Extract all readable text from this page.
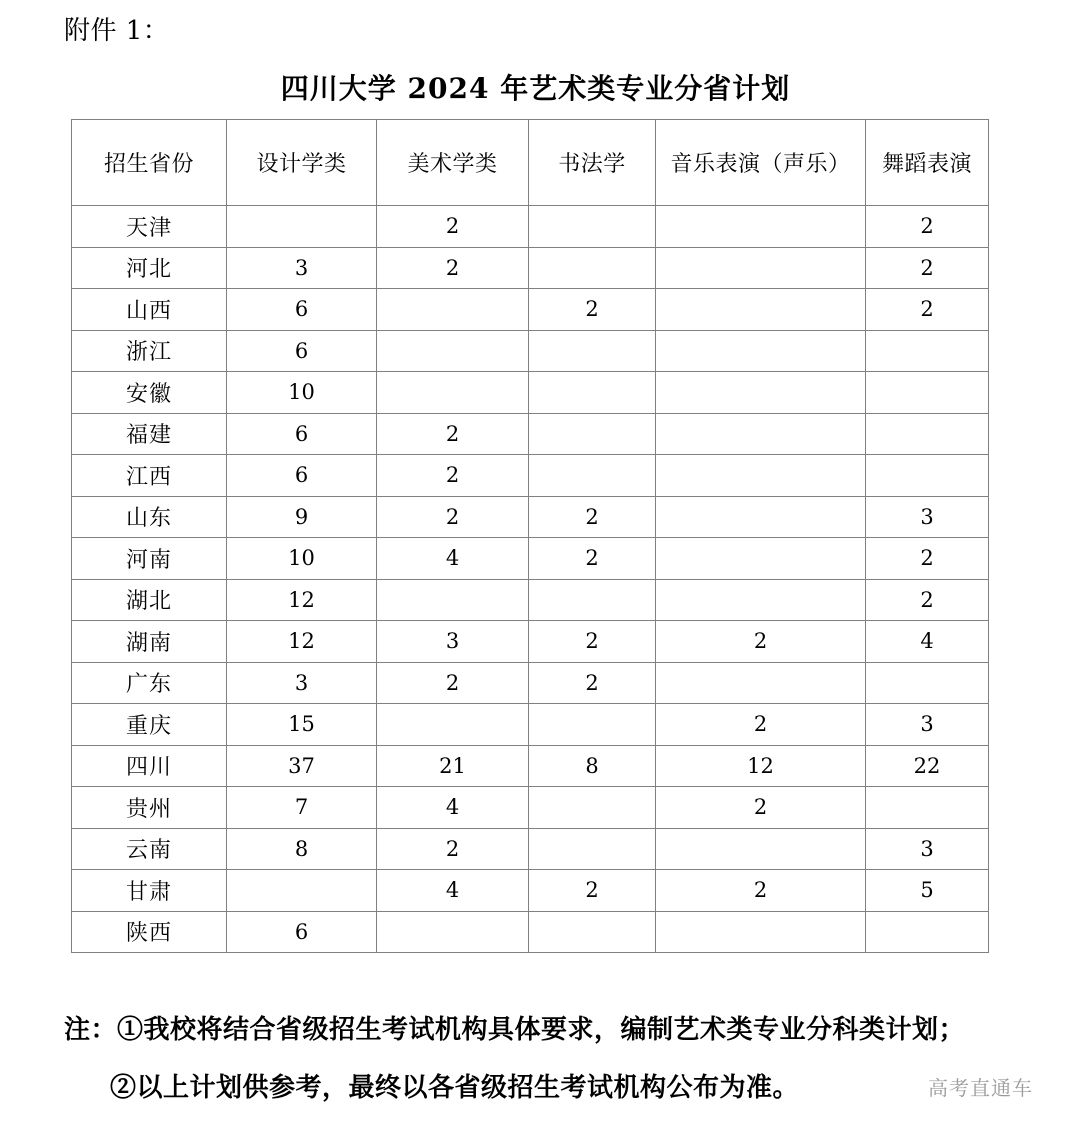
附件 1：
四川大学 2024 年艺术类专业分省计划
招生省份	设计学类	美术学类	书法学	音乐表演（声乐）	舞蹈表演
天津		2			2
河北	3	2			2
山西	6		2		2
浙江	6				
安徽	10				
福建	6	2			
江西	6	2			
山东	9	2	2		3
河南	10	4	2		2
湖北	12				2
湖南	12	3	2	2	4
广东	3	2	2		
重庆	15			2	3
四川	37	21	8	12	22
贵州	7	4		2	
云南	8	2			3
甘肃		4	2	2	5
陕西	6				
注：①我校将结合省级招生考试机构具体要求，编制艺术类专业分科类计划；
②以上计划供参考，最终以各省级招生考试机构公布为准。	高考直通车
